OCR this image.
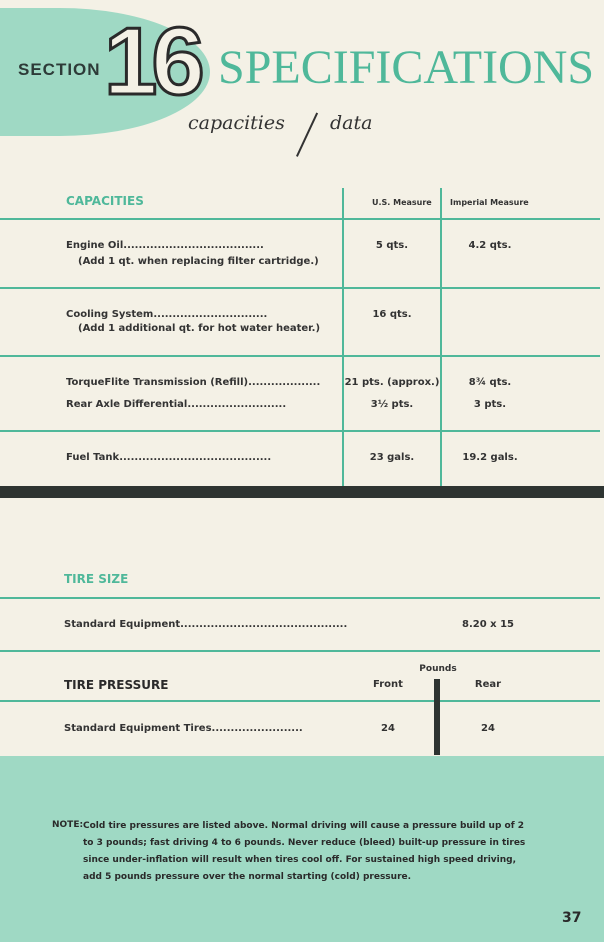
SECTION 16 SPECIFICATIONS
capacities data
CAPACITIES	U.S. Measure Imperial Measure
Engine Oil.....................................
(Add 1 qt. when replacing filter cartridge.)
5 qts.	4.2 qts.
Cooling System..............................
(Add 1 additional qt. for hot water heater.)
16 qts.
TorqueFlite Transmission (Refill)...................	21 pts. (approx.)	8¾ qts.
Rear Axle Differential..........................	3½ pts.	3 pts.
Fuel Tank........................................	23 gals.	19.2 gals.
TIRE SIZE
Standard Equipment............................................	8.20 x 15
Pounds
TIRE PRESSURE	Front	Rear
Standard Equipment Tires........................	24	24
NOTE: Cold tire pressures are listed above. Normal driving will cause a pressure build up of 2 to 3 pounds; fast driving 4 to 6 pounds. Never reduce (bleed) built-up pressure in tires since under-inflation will result when tires cool off. For sustained high speed driving, add 5 pounds pressure over the normal starting (cold) pressure.
37
